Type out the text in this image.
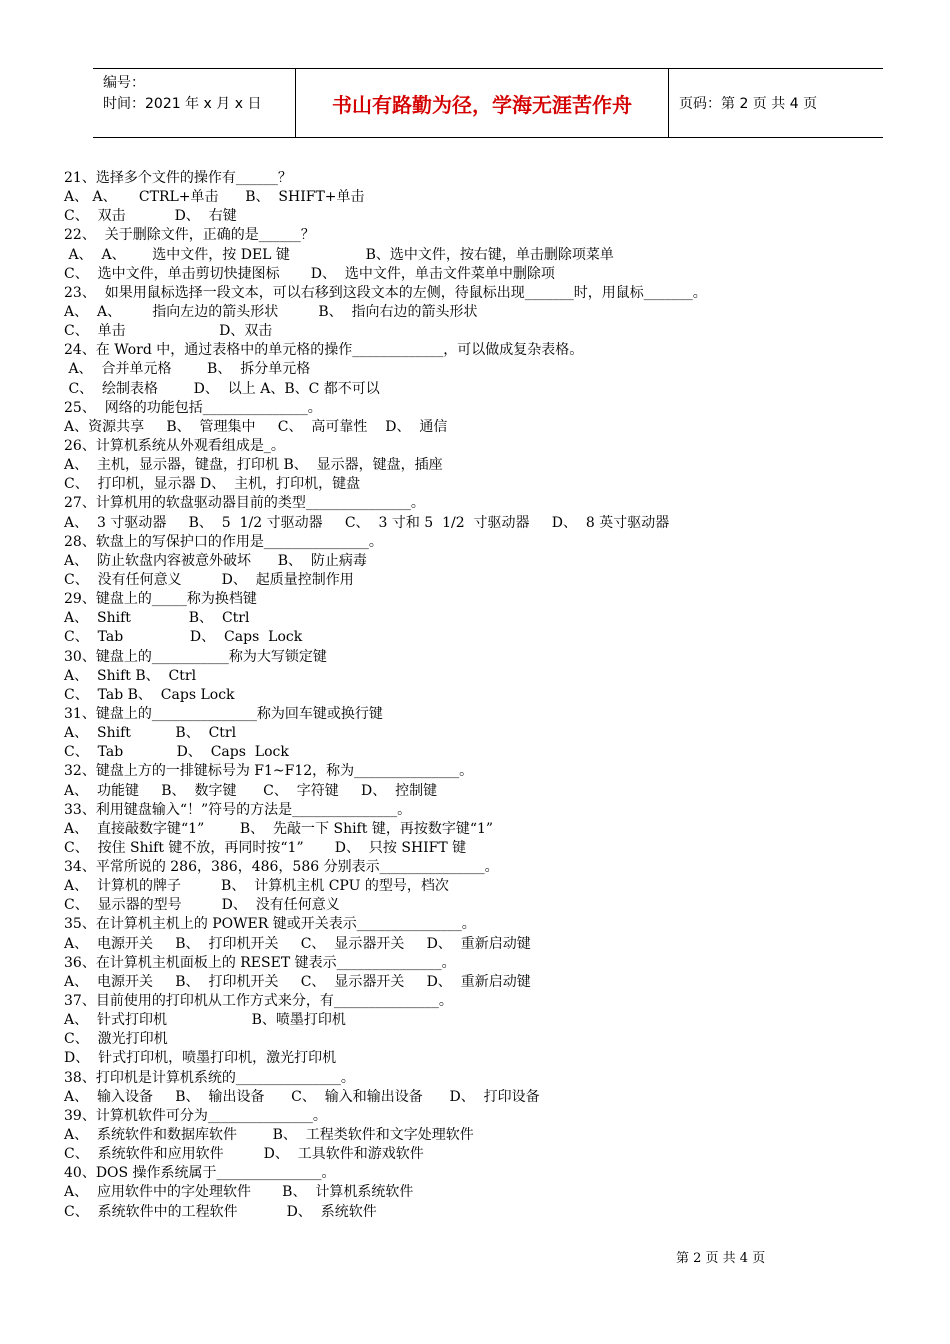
编号：
时间：2021 年 x 月 x 日	书山有路勤为径，学海无涯苦作舟	页码：第 2 页 共 4 页
21、选择多个文件的操作有______？
A、 A、     CTRL+单击      B、  SHIFT+单击
C、  双击           D、  右键
22、  关于删除文件，正确的是______？
A、  A、      选中文件，按 DEL 键                 B、选中文件，按右键，单击删除项菜单
C、  选中文件，单击剪切快捷图标       D、  选中文件，单击文件菜单中删除项
23、  如果用鼠标选择一段文本，可以右移到这段文本的左侧，待鼠标出现_______时，用鼠标_______。
A、  A、       指向左边的箭头形状         B、  指向右边的箭头形状
C、  单击                     D、双击
24、在 Word 中，通过表格中的单元格的操作_____________，可以做成复杂表格。
A、  合并单元格        B、  拆分单元格
C、  绘制表格        D、  以上 A、B、C 都不可以
25、  网络的功能包括_______________。
A、资源共享     B、  管理集中     C、  高可靠性    D、  通信
26、计算机系统从外观看组成是_。
A、  主机，显示器，键盘，打印机 B、  显示器，键盘，插座
C、  打印机，显示器 D、  主机，打印机，键盘
27、计算机用的软盘驱动器目前的类型_______________。
A、  3 寸驱动器     B、  5  1/2 寸驱动器     C、  3 寸和 5  1/2  寸驱动器     D、  8 英寸驱动器
28、软盘上的写保护口的作用是_______________。
A、  防止软盘内容被意外破坏      B、  防止病毒
C、  没有任何意义         D、  起质量控制作用
29、键盘上的_____称为换档键
A、  Shift             B、  Ctrl
C、  Tab               D、  Caps  Lock
30、键盘上的___________称为大写锁定键
A、  Shift B、  Ctrl
C、  Tab B、  Caps Lock
31、键盘上的_______________称为回车键或换行键
A、  Shift          B、  Ctrl
C、  Tab            D、  Caps  Lock
32、键盘上方的一排键标号为 F1~F12，称为_______________。
A、  功能键     B、  数字键      C、  字符键     D、  控制键
33、利用键盘输入“！”符号的方法是_______________。
A、  直接敲数字键“1”        B、  先敲一下 Shift 键，再按数字键“1”
C、  按住 Shift 键不放，再同时按“1”       D、  只按 SHIFT 键
34、平常所说的 286，386，486，586 分别表示_______________。
A、  计算机的牌子         B、  计算机主机 CPU 的型号，档次
C、  显示器的型号         D、  没有任何意义
35、在计算机主机上的 POWER 键或开关表示_______________。
A、  电源开关     B、  打印机开关     C、  显示器开关     D、  重新启动键
36、在计算机主机面板上的 RESET 键表示_______________。
A、  电源开关     B、  打印机开关     C、  显示器开关     D、  重新启动键
37、目前使用的打印机从工作方式来分，有_______________。
A、  针式打印机                   B、喷墨打印机
C、  激光打印机
D、  针式打印机，喷墨打印机，激光打印机
38、打印机是计算机系统的_______________。
A、  输入设备     B、  输出设备      C、  输入和输出设备      D、  打印设备
39、计算机软件可分为_______________。
A、  系统软件和数据库软件        B、  工程类软件和文字处理软件
C、  系统软件和应用软件         D、  工具软件和游戏软件
40、DOS 操作系统属于_______________。
A、  应用软件中的字处理软件       B、  计算机系统软件
C、  系统软件中的工程软件           D、  系统软件
第 2 页 共 4 页
